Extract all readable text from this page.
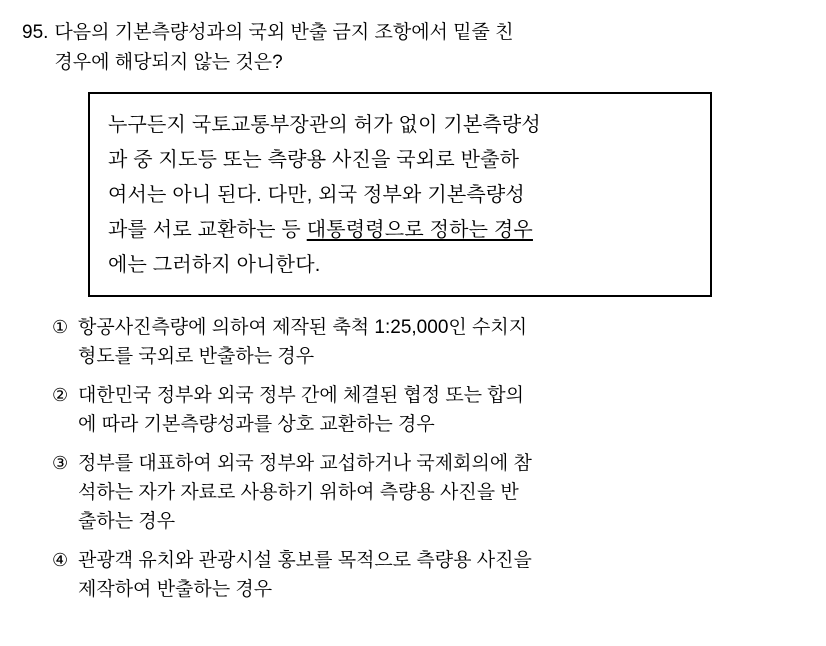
95. 다음의 기본측량성과의 국외 반출 금지 조항에서 밑줄 친
경우에 해당되지 않는 것은?
누구든지 국토교통부장관의 허가 없이 기본측량성
과 중 지도등 또는 측량용 사진을 국외로 반출하
여서는 아니 된다. 다만, 외국 정부와 기본측량성
과를 서로 교환하는 등 대통령령으로 정하는 경우
에는 그러하지 아니한다.
① 항공사진측량에 의하여 제작된 축척 1:25,000인 수치지
형도를 국외로 반출하는 경우
② 대한민국 정부와 외국 정부 간에 체결된 협정 또는 합의
에 따라 기본측량성과를 상호 교환하는 경우
③ 정부를 대표하여 외국 정부와 교섭하거나 국제회의에 참
석하는 자가 자료로 사용하기 위하여 측량용 사진을 반
출하는 경우
④ 관광객 유치와 관광시설 홍보를 목적으로 측량용 사진을
제작하여 반출하는 경우
